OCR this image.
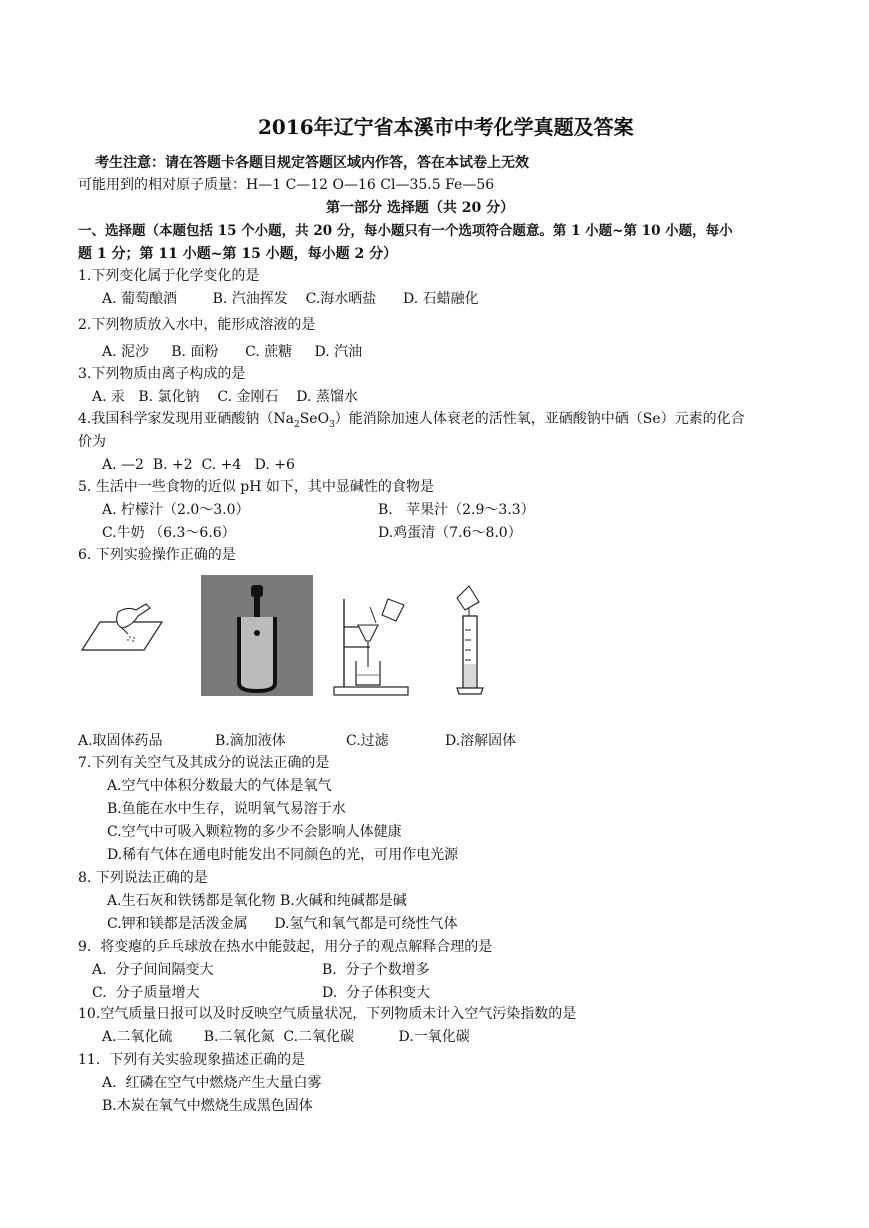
2016年辽宁省本溪市中考化学真题及答案
考生注意：请在答题卡各题目规定答题区域内作答，答在本试卷上无效
可能用到的相对原子质量：H—1 C—12 O—16 Cl—35.5 Fe—56
第一部分 选择题（共 20 分）
一、选择题（本题包括 15 个小题，共 20 分，每小题只有一个选项符合题意。第 1 小题~第 10 小题，每小
题 1 分；第 11 小题~第 15 小题，每小题 2 分）
1.下列变化属于化学变化的是
A. 葡萄酿酒        B. 汽油挥发    C.海水晒盐      D. 石蜡融化
2.下列物质放入水中，能形成溶液的是
A. 泥沙     B. 面粉      C. 蔗糖     D. 汽油
3.下列物质由离子构成的是
A. 汞   B. 氯化钠    C. 金刚石    D. 蒸馏水
4.我国科学家发现用亚硒酸钠$(Na_2SeO_3)$能消除加速人体衰老的活性氧，亚硒酸钠中硒（Se）元素的化合
价为
A. —2  B. +2  C. +4   D. +6
5. 生活中一些食物的近似 pH 如下，其中显碱性的食物是
A. 柠檬汁（2.0～3.0）	B.   苹果汁（2.9～3.3）
C.牛奶 （6.3～6.6）	D.鸡蛋清（7.6～8.0）
6. 下列实验操作正确的是
A.取固体药品	B.滴加液体	C.过滤	D.溶解固体
7.下列有关空气及其成分的说法正确的是
A.空气中体积分数最大的气体是氧气
B.鱼能在水中生存，说明氧气易溶于水
C.空气中可吸入颗粒物的多少不会影响人体健康
D.稀有气体在通电时能发出不同颜色的光，可用作电光源
8. 下列说法正确的是
A.生石灰和铁锈都是氧化物 B.火碱和纯碱都是碱
C.钾和镁都是活泼金属      D.氢气和氧气都是可绕性气体
9.  将变瘪的乒乓球放在热水中能鼓起，用分子的观点解释合理的是
A.  分子间间隔变大	B.  分子个数增多
C.  分子质量增大	D.  分子体积变大
10.空气质量日报可以及时反映空气质量状况，下列物质未计入空气污染指数的是
A.二氧化硫       B.二氧化氮  C.二氧化碳          D.一氧化碳
11.  下列有关实验现象描述正确的是
A.  红磷在空气中燃烧产生大量白雾
B.木炭在氧气中燃烧生成黑色固体
